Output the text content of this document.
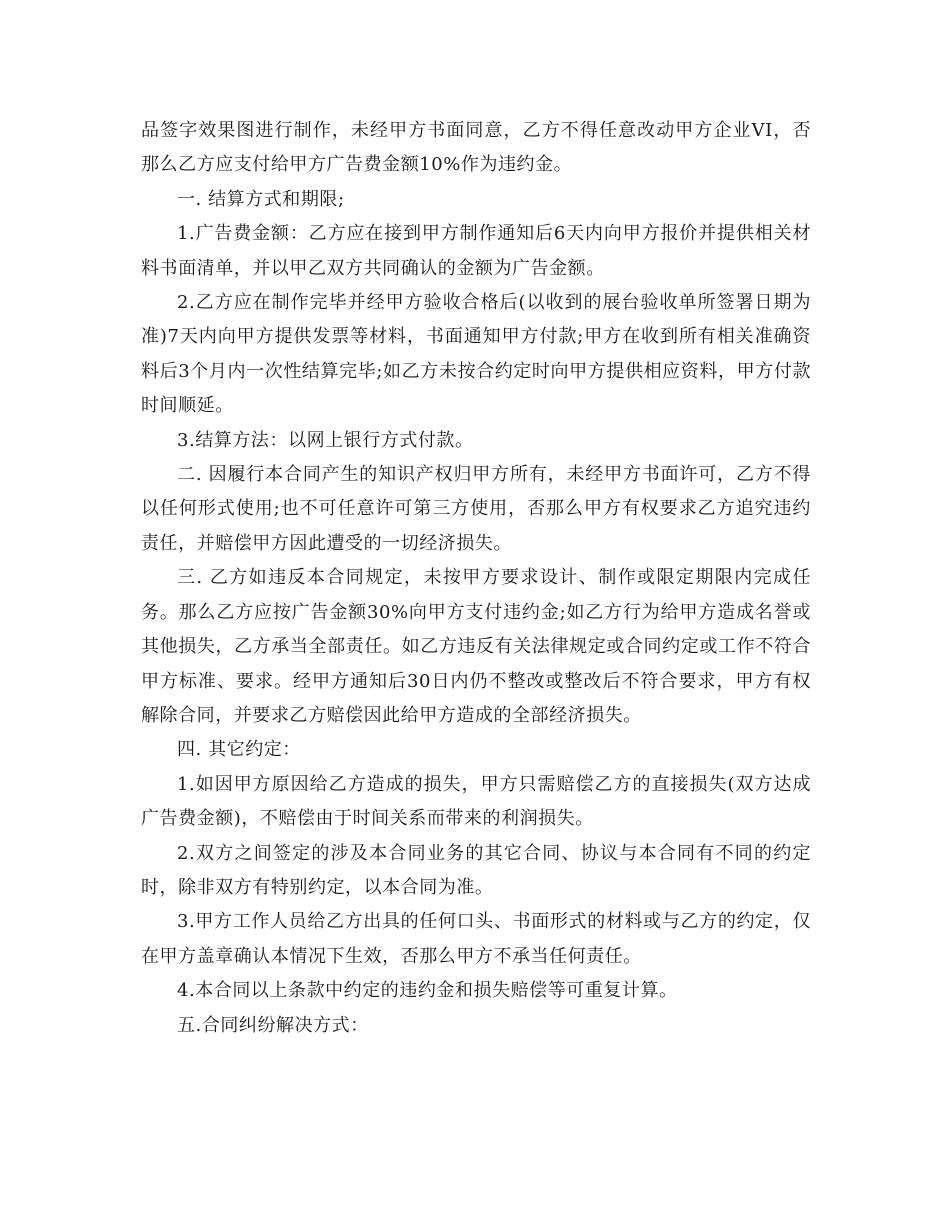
品签字效果图进行制作，未经甲方书面同意，乙方不得任意改动甲方企业VI，否那么乙方应支付给甲方广告费金额10%作为违约金。

一. 结算方式和期限;

1.广告费金额：乙方应在接到甲方制作通知后6天内向甲方报价并提供相关材料书面清单，并以甲乙双方共同确认的金额为广告金额。

2.乙方应在制作完毕并经甲方验收合格后(以收到的展台验收单所签署日期为准)7天内向甲方提供发票等材料，书面通知甲方付款;甲方在收到所有相关准确资料后3个月内一次性结算完毕;如乙方未按合约定时向甲方提供相应资料，甲方付款时间顺延。

3.结算方法：以网上银行方式付款。

二. 因履行本合同产生的知识产权归甲方所有，未经甲方书面许可，乙方不得以任何形式使用;也不可任意许可第三方使用，否那么甲方有权要求乙方追究违约责任，并赔偿甲方因此遭受的一切经济损失。

三. 乙方如违反本合同规定，未按甲方要求设计、制作或限定期限内完成任务。那么乙方应按广告金额30%向甲方支付违约金;如乙方行为给甲方造成名誉或其他损失，乙方承当全部责任。如乙方违反有关法律规定或合同约定或工作不符合甲方标准、要求。经甲方通知后30日内仍不整改或整改后不符合要求，甲方有权解除合同，并要求乙方赔偿因此给甲方造成的全部经济损失。

四. 其它约定：

1.如因甲方原因给乙方造成的损失，甲方只需赔偿乙方的直接损失(双方达成广告费金额)，不赔偿由于时间关系而带来的利润损失。

2.双方之间签定的涉及本合同业务的其它合同、协议与本合同有不同的约定时，除非双方有特别约定，以本合同为准。

3.甲方工作人员给乙方出具的任何口头、书面形式的材料或与乙方的约定，仅在甲方盖章确认本情况下生效，否那么甲方不承当任何责任。

4.本合同以上条款中约定的违约金和损失赔偿等可重复计算。

五.合同纠纷解决方式：
